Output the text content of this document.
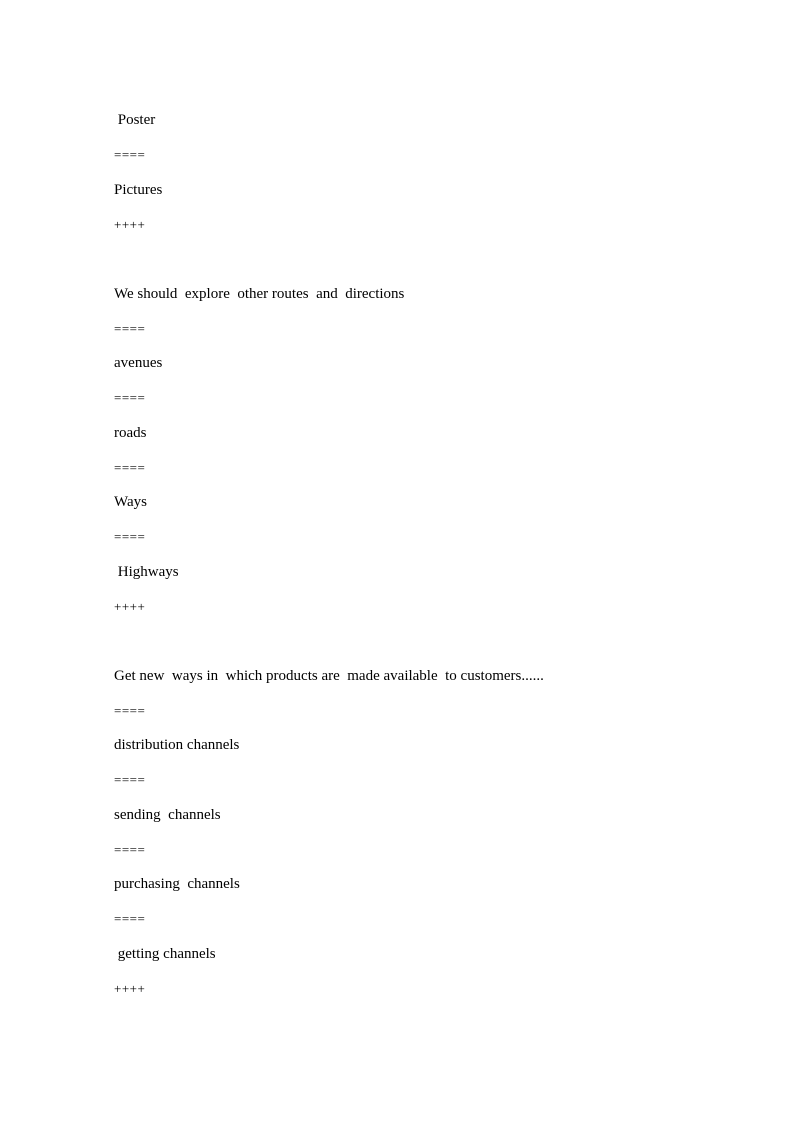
Poster

====

Pictures

++++

We should  explore  other routes  and  directions

====

avenues

====

roads

====

Ways

====

Highways

++++

Get new  ways in  which products are  made available  to customers......

====

distribution channels

====

sending  channels

====

purchasing  channels

====

getting channels

++++
